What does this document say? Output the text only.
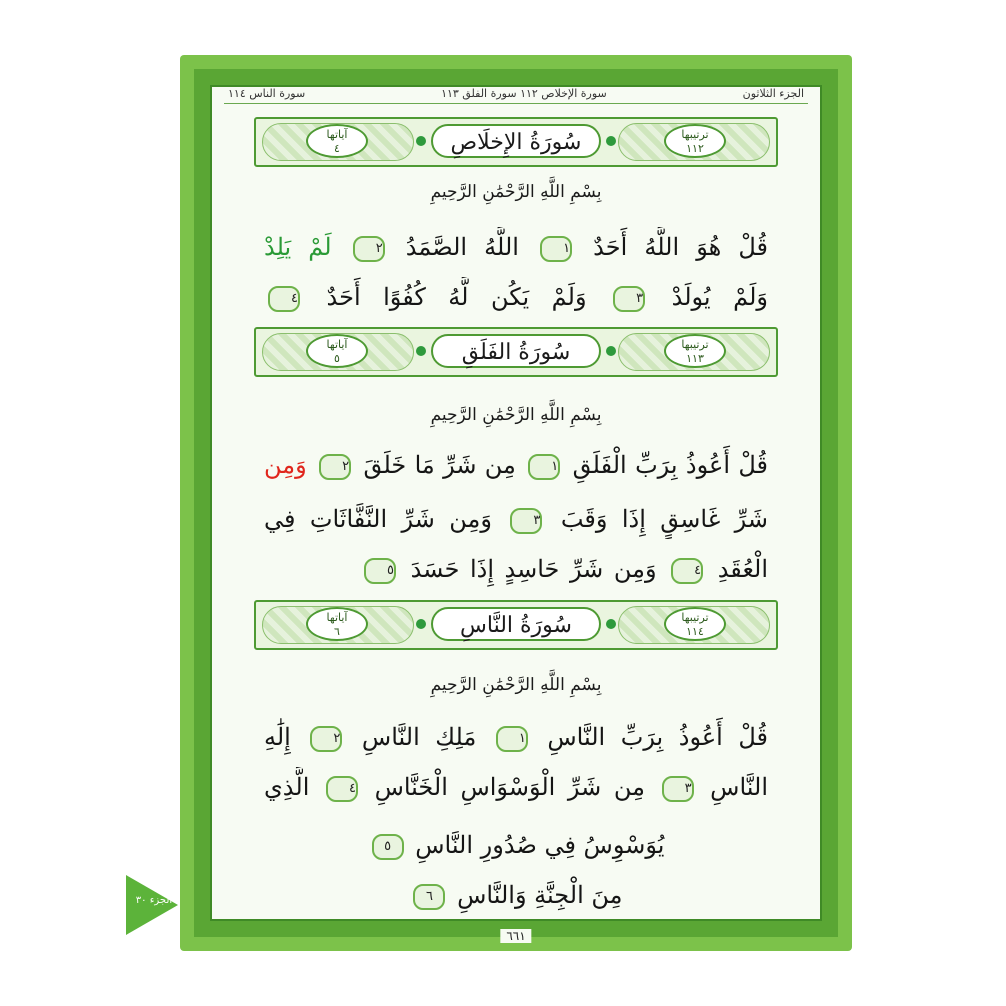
الجزء الثلاثون
سورة الإخلاص ١١٢ سورة الفلق ١١٣
سورة الناس ١١٤
ترتيبها
١١٢
آياتها
٤	سُورَةُ الإِخلَاصِ
بِسْمِ اللَّهِ الرَّحْمَٰنِ الرَّحِيمِ
قُلْ هُوَ اللَّهُ أَحَدٌ ١ اللَّهُ الصَّمَدُ ٢ لَمْ يَلِدْ
وَلَمْ يُولَدْ ٣ وَلَمْ يَكُن لَّهُ كُفُوًا أَحَدٌ ٤
ترتيبها
١١٣
آياتها
٥	سُورَةُ الفَلَقِ
بِسْمِ اللَّهِ الرَّحْمَٰنِ الرَّحِيمِ
قُلْ أَعُوذُ بِرَبِّ الْفَلَقِ ١ مِن شَرِّ مَا خَلَقَ ٢ وَمِن
شَرِّ غَاسِقٍ إِذَا وَقَبَ ٣ وَمِن شَرِّ النَّفَّاثَاتِ فِي
الْعُقَدِ ٤ وَمِن شَرِّ حَاسِدٍ إِذَا حَسَدَ ٥
ترتيبها
١١٤
آياتها
٦	سُورَةُ النَّاسِ
بِسْمِ اللَّهِ الرَّحْمَٰنِ الرَّحِيمِ
قُلْ أَعُوذُ بِرَبِّ النَّاسِ ١ مَلِكِ النَّاسِ ٢ إِلَٰهِ
النَّاسِ ٣ مِن شَرِّ الْوَسْوَاسِ الْخَنَّاسِ ٤ الَّذِي
يُوَسْوِسُ فِي صُدُورِ النَّاسِ ٥
مِنَ الْجِنَّةِ وَالنَّاسِ ٦
٦٦١
الجزء ٣٠
